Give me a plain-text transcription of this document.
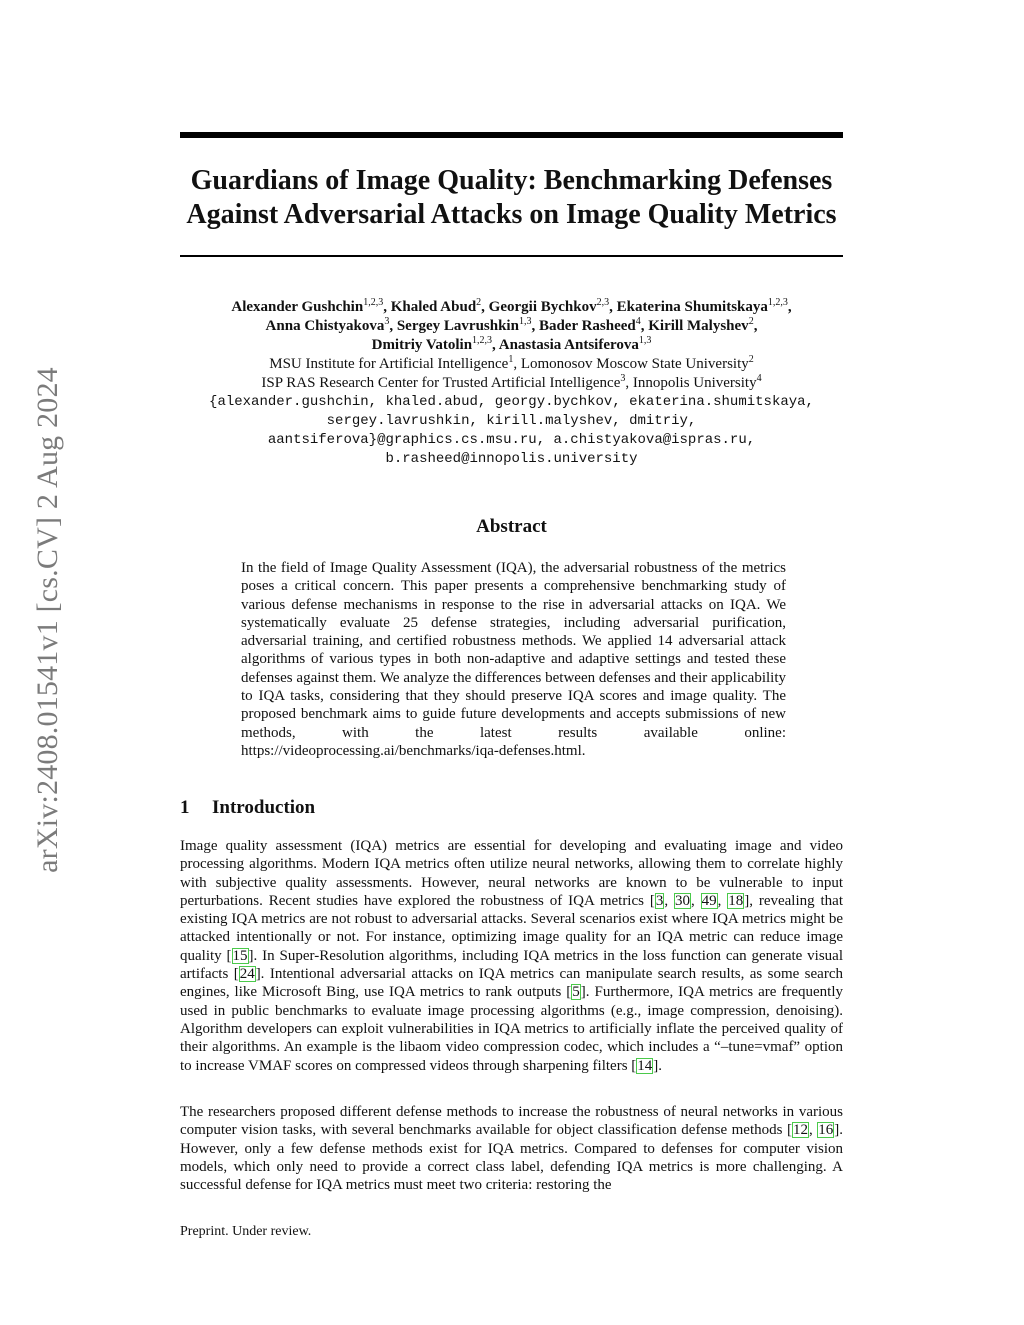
arXiv:2408.01541v1 [cs.CV] 2 Aug 2024
Guardians of Image Quality: Benchmarking Defenses
Against Adversarial Attacks on Image Quality Metrics
Alexander Gushchin$^{1,2,3}$, Khaled Abud$^2$, Georgii Bychkov$^{2,3}$, Ekaterina Shumitskaya$^{1,2,3}$,
Anna Chistyakova$^3$, Sergey Lavrushkin$^{1,3}$, Bader Rasheed$^4$, Kirill Malyshev$^2$,
Dmitriy Vatolin$^{1,2,3}$, Anastasia Antsiferova$^{1,3}$
MSU Institute for Artificial Intelligence$^1$, Lomonosov Moscow State University$^2$
ISP RAS Research Center for Trusted Artificial Intelligence$^3$, Innopolis University$^4$
{alexander.gushchin, khaled.abud, georgy.bychkov, ekaterina.shumitskaya,
sergey.lavrushkin, kirill.malyshev, dmitriy,
aantsiferova}@graphics.cs.msu.ru, a.chistyakova@ispras.ru,
b.rasheed@innopolis.university
Abstract
In the field of Image Quality Assessment (IQA), the adversarial robustness of the metrics poses a critical concern. This paper presents a comprehensive benchmarking study of various defense mechanisms in response to the rise in adversarial attacks on IQA. We systematically evaluate 25 defense strategies, including adversarial purification, adversarial training, and certified robustness methods. We applied 14 adversarial attack algorithms of various types in both non-adaptive and adaptive settings and tested these defenses against them. We analyze the differences between defenses and their applicability to IQA tasks, considering that they should preserve IQA scores and image quality. The proposed benchmark aims to guide future developments and accepts submissions of new methods, with the latest results available online: https://videoprocessing.ai/benchmarks/iqa-defenses.html.
1 Introduction
Image quality assessment (IQA) metrics are essential for developing and evaluating image and video processing algorithms. Modern IQA metrics often utilize neural networks, allowing them to correlate highly with subjective quality assessments. However, neural networks are known to be vulnerable to input perturbations. Recent studies have explored the robustness of IQA metrics [3, 30, 49, 18], revealing that existing IQA metrics are not robust to adversarial attacks. Several scenarios exist where IQA metrics might be attacked intentionally or not. For instance, optimizing image quality for an IQA metric can reduce image quality [15]. In Super-Resolution algorithms, including IQA metrics in the loss function can generate visual artifacts [24]. Intentional adversarial attacks on IQA metrics can manipulate search results, as some search engines, like Microsoft Bing, use IQA metrics to rank outputs [5]. Furthermore, IQA metrics are frequently used in public benchmarks to evaluate image processing algorithms (e.g., image compression, denoising). Algorithm developers can exploit vulnerabilities in IQA metrics to artificially inflate the perceived quality of their algorithms. An example is the libaom video compression codec, which includes a “–tune=vmaf” option to increase VMAF scores on compressed videos through sharpening filters [14].
The researchers proposed different defense methods to increase the robustness of neural networks in various computer vision tasks, with several benchmarks available for object classification defense methods [12, 16]. However, only a few defense methods exist for IQA metrics. Compared to defenses for computer vision models, which only need to provide a correct class label, defending IQA metrics is more challenging. A successful defense for IQA metrics must meet two criteria: restoring the
Preprint. Under review.
